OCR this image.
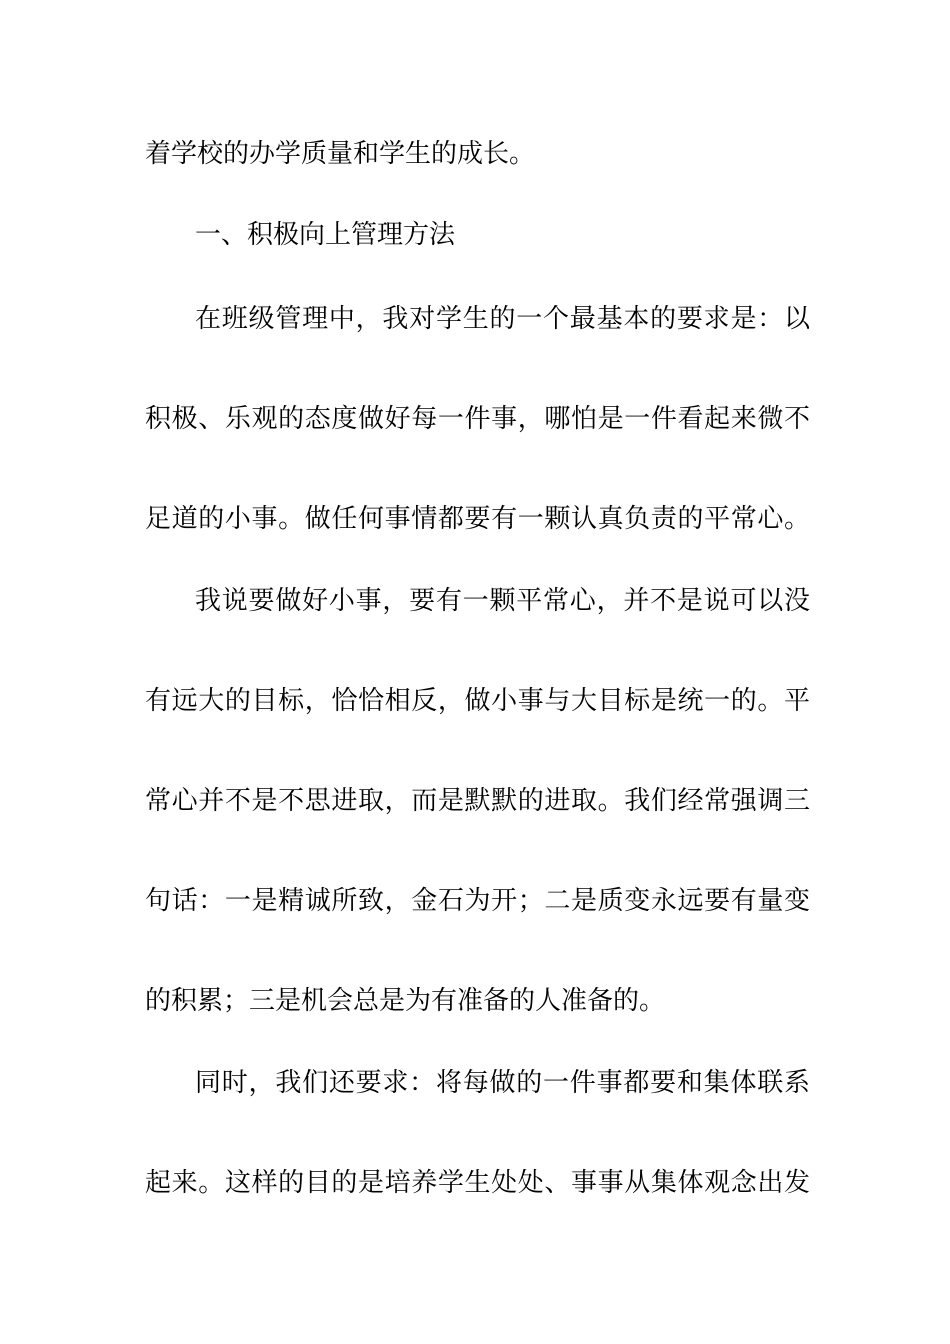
着学校的办学质量和学生的成长。
一、积极向上管理方法
在班级管理中，我对学生的一个最基本的要求是：以
积极、乐观的态度做好每一件事，哪怕是一件看起来微不
足道的小事。做任何事情都要有一颗认真负责的平常心。
我说要做好小事，要有一颗平常心，并不是说可以没
有远大的目标，恰恰相反，做小事与大目标是统一的。平
常心并不是不思进取，而是默默的进取。我们经常强调三
句话：一是精诚所致，金石为开；二是质变永远要有量变
的积累；三是机会总是为有准备的人准备的。
同时，我们还要求：将每做的一件事都要和集体联系
起来。这样的目的是培养学生处处、事事从集体观念出发
